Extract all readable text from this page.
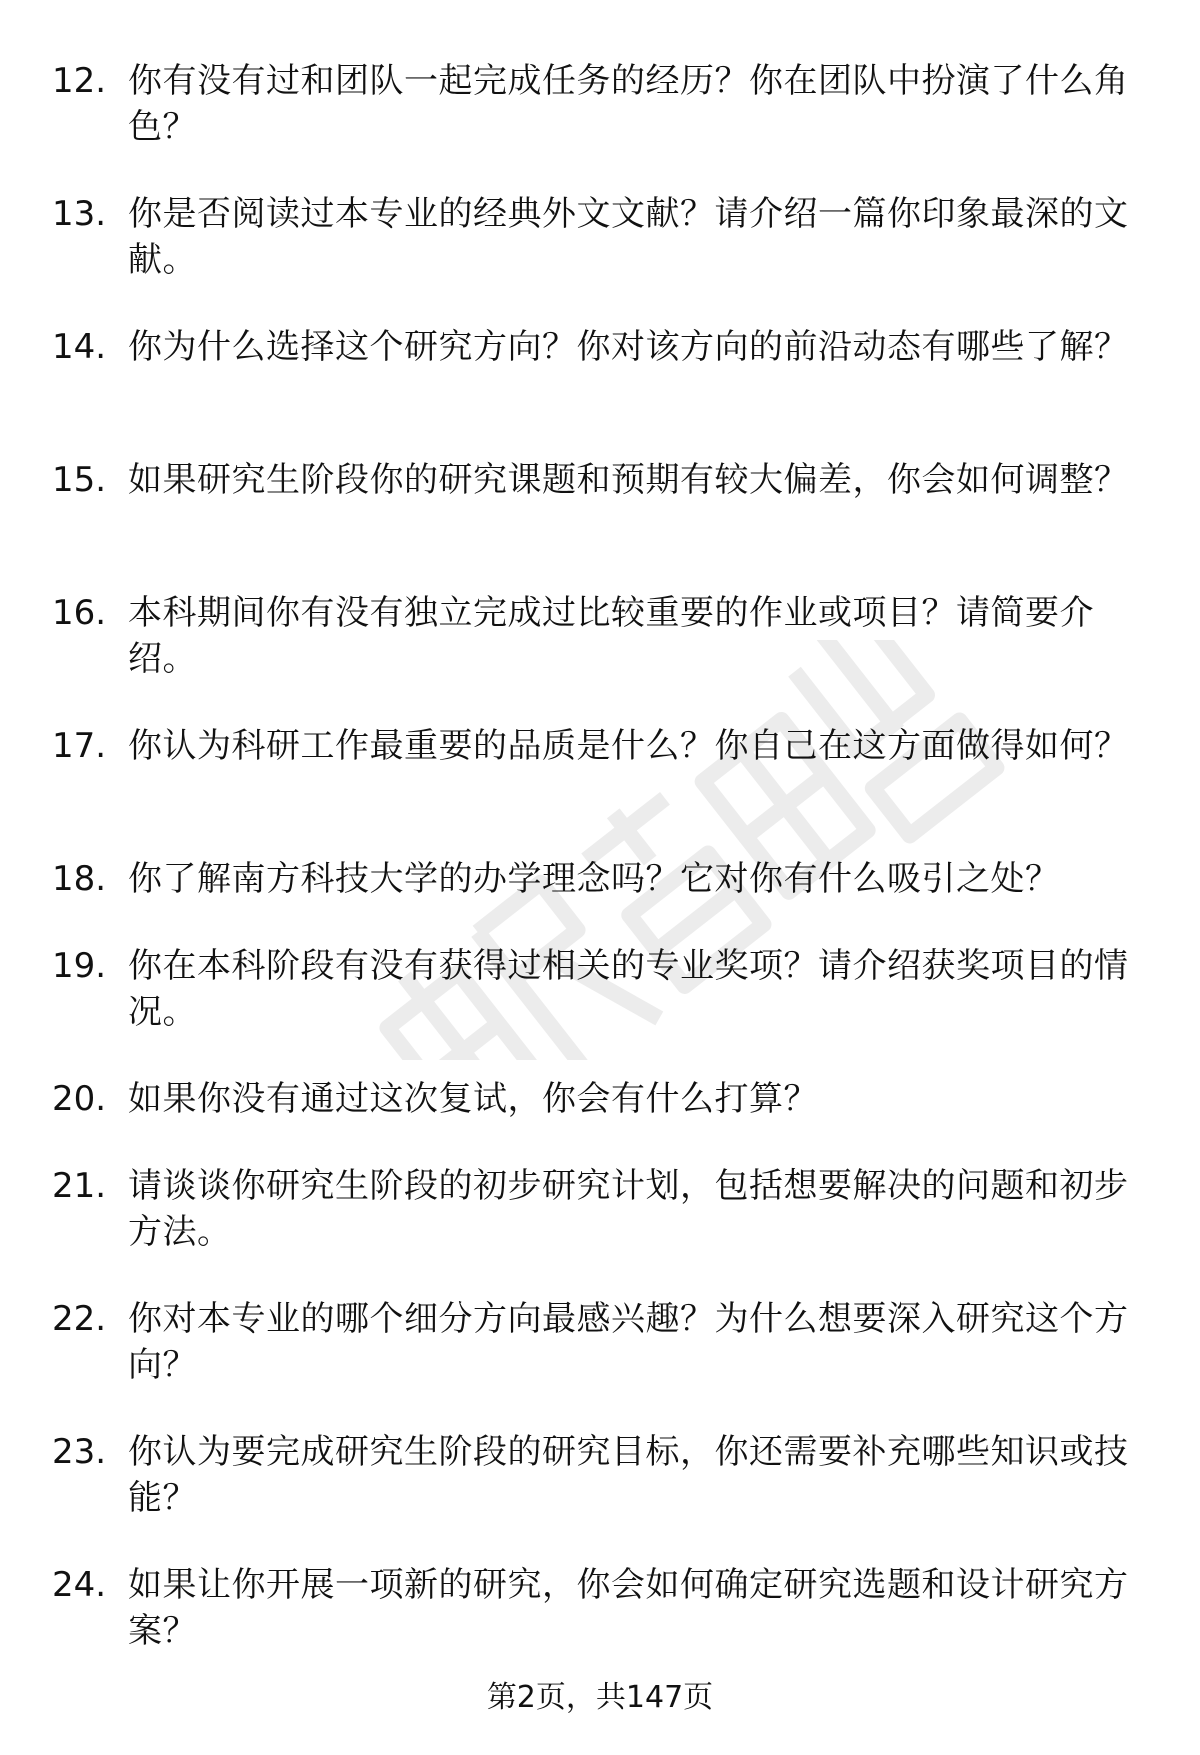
12. 你有没有过和团队一起完成任务的经历？你在团队中扮演了什么角色？
13. 你是否阅读过本专业的经典外文文献？请介绍一篇你印象最深的文献。
14. 你为什么选择这个研究方向？你对该方向的前沿动态有哪些了解？
15. 如果研究生阶段你的研究课题和预期有较大偏差，你会如何调整？
16. 本科期间你有没有独立完成过比较重要的作业或项目？请简要介绍。
17. 你认为科研工作最重要的品质是什么？你自己在这方面做得如何？
18. 你了解南方科技大学的办学理念吗？它对你有什么吸引之处？
19. 你在本科阶段有没有获得过相关的专业奖项？请介绍获奖项目的情况。
20. 如果你没有通过这次复试，你会有什么打算？
21. 请谈谈你研究生阶段的初步研究计划，包括想要解决的问题和初步方法。
22. 你对本专业的哪个细分方向最感兴趣？为什么想要深入研究这个方向？
23. 你认为要完成研究生阶段的研究目标，你还需要补充哪些知识或技能？
24. 如果让你开展一项新的研究，你会如何确定研究选题和设计研究方案？
第2页，共147页
